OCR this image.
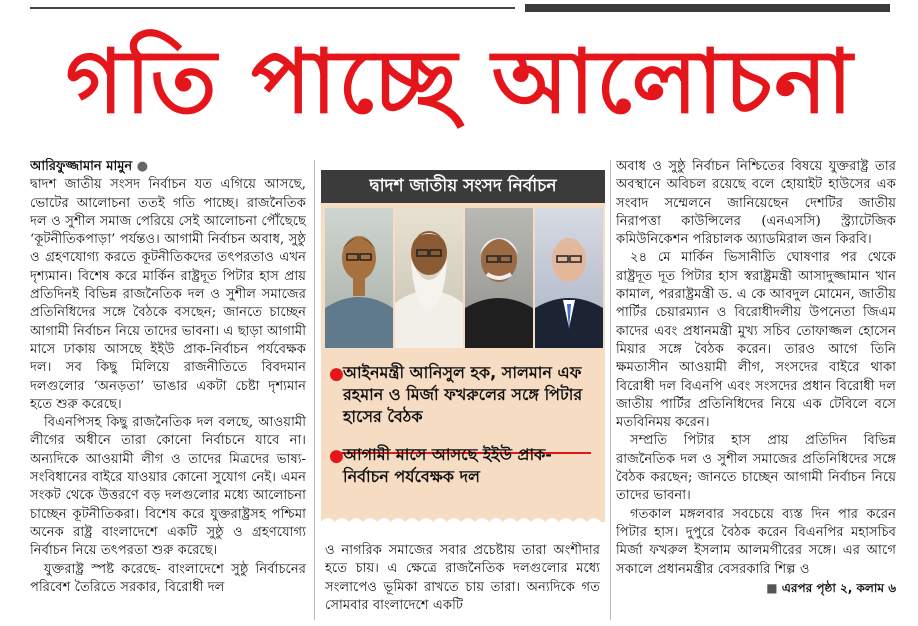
গতি পাচ্ছে আলোচনা

আরিফুজ্জামান মামুন ●

দ্বাদশ জাতীয় সংসদ নির্বাচন যত এগিয়ে আসছে, ভোটের আলোচনা ততই গতি পাচ্ছে। রাজনৈতিক দল ও সুশীল সমাজ পেরিয়ে সেই আলোচনা পৌঁছেছে ‘কূটনীতিকপাড়া’ পর্যন্তও। আগামী নির্বাচন অবাধ, সুষ্ঠু ও গ্রহণযোগ্য করতে কূটনীতিকদের তৎপরতাও এখন দৃশ্যমান। বিশেষ করে মার্কিন রাষ্ট্রদূত পিটার হাস প্রায় প্রতিদিনই বিভিন্ন রাজনৈতিক দল ও সুশীল সমাজের প্রতিনিধিদের সঙ্গে বৈঠকে বসছেন; জানতে চাচ্ছেন আগামী নির্বাচন নিয়ে তাদের ভাবনা। এ ছাড়া আগামী মাসে ঢাকায় আসছে ইইউ প্রাক-নির্বাচন পর্যবেক্ষক দল। সব কিছু মিলিয়ে রাজনীতিতে বিবদমান দলগুলোর ‘অনড়তা’ ভাঙার একটা চেষ্টা দৃশ্যমান হতে শুরু করেছে।

বিএনপিসহ কিছু রাজনৈতিক দল বলছে, আওয়ামী লীগের অধীনে তারা কোনো নির্বাচনে যাবে না। অন্যদিকে আওয়ামী লীগ ও তাদের মিত্রদের ভাষ্য- সংবিধানের বাইরে যাওয়ার কোনো সুযোগ নেই। এমন সংকট থেকে উত্তরণে বড় দলগুলোর মধ্যে আলোচনা চাচ্ছেন কূটনীতিকরা। বিশেষ করে যুক্তরাষ্ট্রসহ পশ্চিমা অনেক রাষ্ট্র বাংলাদেশে একটি সুষ্ঠু ও গ্রহণযোগ্য নির্বাচন নিয়ে তৎপরতা শুরু করেছে।

যুক্তরাষ্ট্র স্পষ্ট করেছে- বাংলাদেশে সুষ্ঠু নির্বাচনের পরিবেশ তৈরিতে সরকার, বিরোধী দল

দ্বাদশ জাতীয় সংসদ নির্বাচন
● আইনমন্ত্রী আনিসুল হক, সালমান এফ রহমান ও মির্জা ফখরুলের সঙ্গে পিটার হাসের বৈঠক
● আগামী মাসে আসছে ইইউ প্রাক-নির্বাচন পর্যবেক্ষক দল

ও নাগরিক সমাজের সবার প্রচেষ্টায় তারা অংশীদার হতে চায়। এ ক্ষেত্রে রাজনৈতিক দলগুলোর মধ্যে সংলাপেও ভূমিকা রাখতে চায় তারা। অন্যদিকে গত সোমবার বাংলাদেশে একটি

অবাধ ও সুষ্ঠু নির্বাচন নিশ্চিতের বিষয়ে যুক্তরাষ্ট্র তার অবস্থানে অবিচল রয়েছে বলে হোয়াইট হাউসের এক সংবাদ সম্মেলনে জানিয়েছেন দেশটির জাতীয় নিরাপত্তা কাউন্সিলের (এনএসসি) স্ট্র্যাটেজিক কমিউনিকেশন পরিচালক অ্যাডমিরাল জন কিরবি।

২৪ মে মার্কিন ভিসানীতি ঘোষণার পর থেকে রাষ্ট্রদূত দূত পিটার হাস স্বরাষ্ট্রমন্ত্রী আসাদুজ্জামান খান কামাল, পররাষ্ট্রমন্ত্রী ড. এ কে আবদুল মোমেন, জাতীয় পার্টির চেয়ারম্যান ও বিরোধীদলীয় উপনেতা জিএম কাদের এবং প্রধানমন্ত্রী মুখ্য সচিব তোফাজ্জল হোসেন মিয়ার সঙ্গে বৈঠক করেন। তারও আগে তিনি ক্ষমতাসীন আওয়ামী লীগ, সংসদের বাইরে থাকা বিরোধী দল বিএনপি এবং সংসদের প্রধান বিরোধী দল জাতীয় পার্টির প্রতিনিধিদের নিয়ে এক টেবিলে বসে মতবিনিময় করেন।

সম্প্রতি পিটার হাস প্রায় প্রতিদিন বিভিন্ন রাজনৈতিক দল ও সুশীল সমাজের প্রতিনিধিদের সঙ্গে বৈঠক করছেন; জানতে চাচ্ছেন আগামী নির্বাচন নিয়ে তাদের ভাবনা।

গতকাল মঙ্গলবার সবচেয়ে ব্যস্ত দিন পার করেন পিটার হাস। দুপুরে বৈঠক করেন বিএনপির মহাসচিব মির্জা ফখরুল ইসলাম আলমগীরের সঙ্গে। এর আগে সকালে প্রধানমন্ত্রীর বেসরকারি শিল্প ও

■ এরপর পৃষ্ঠা ২, কলাম ৬
